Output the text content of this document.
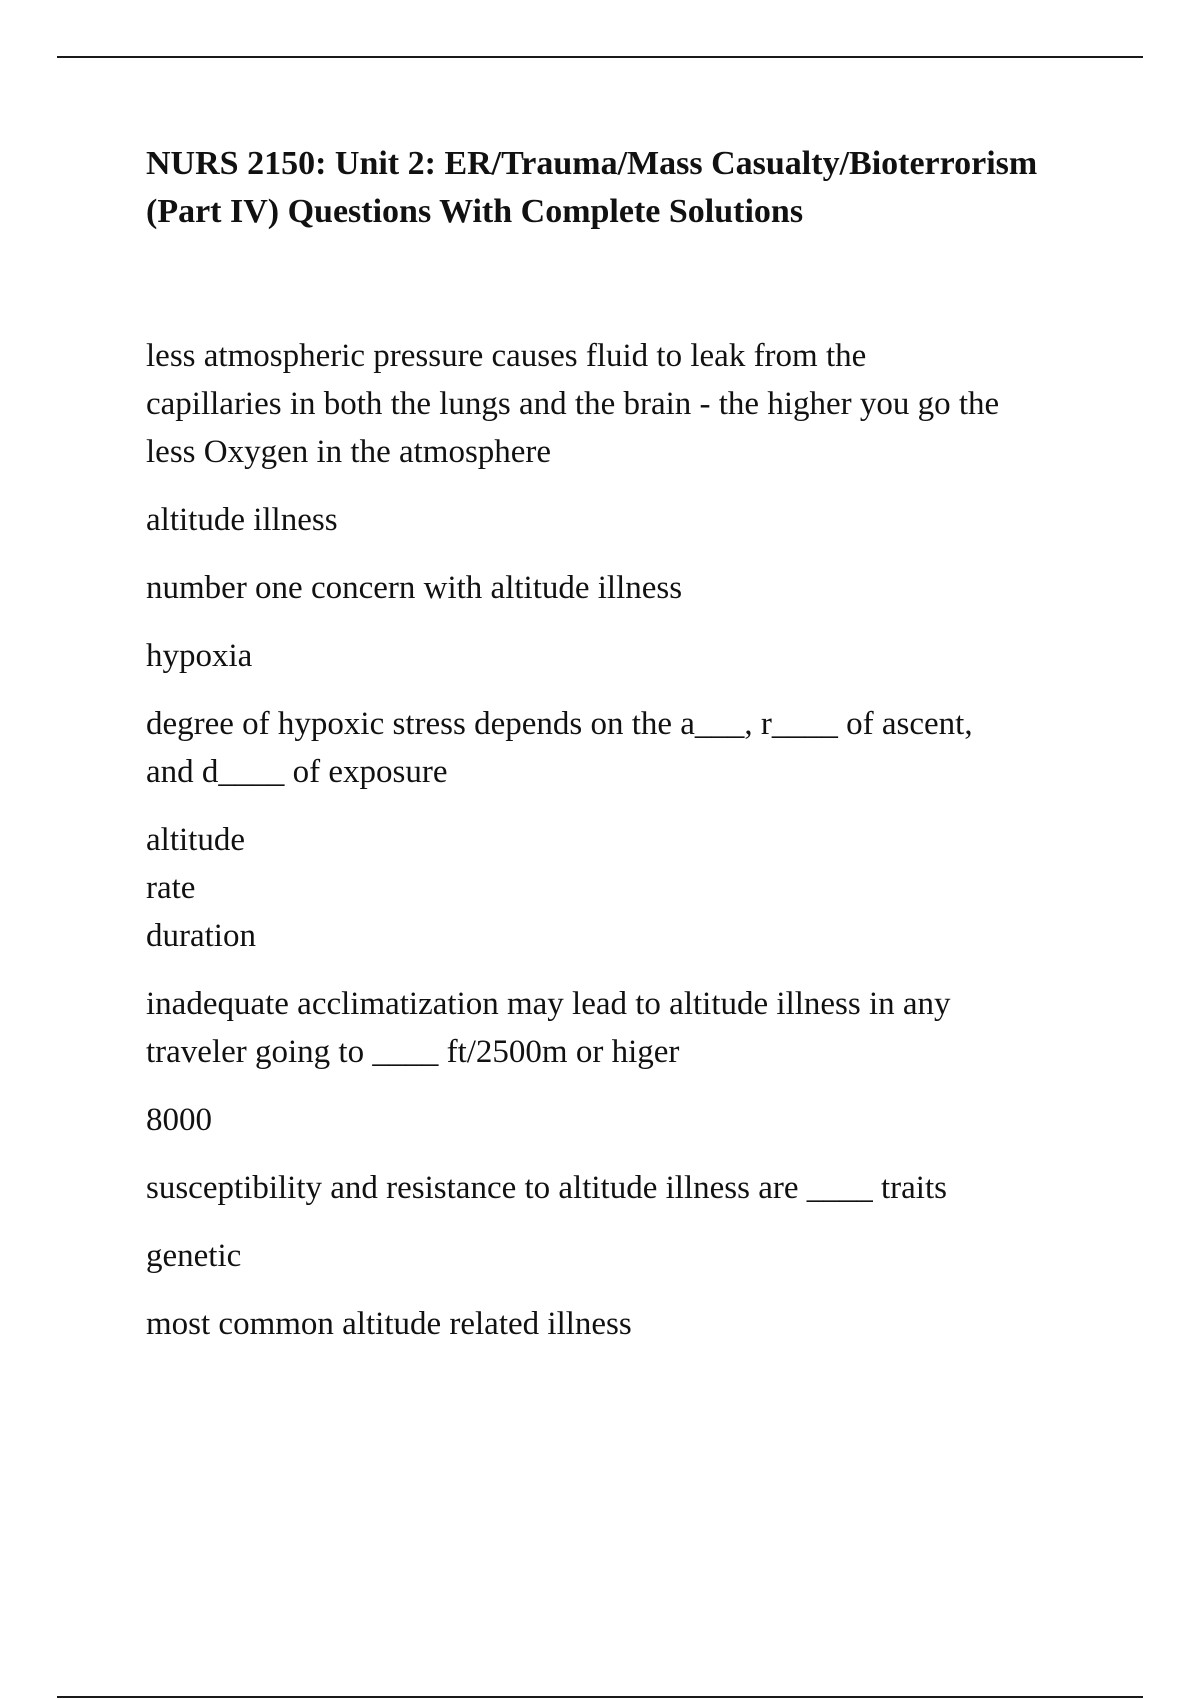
NURS 2150: Unit 2: ER/Trauma/Mass Casualty/Bioterrorism (Part IV) Questions With Complete Solutions

less atmospheric pressure causes fluid to leak from the
capillaries in both the lungs and the brain - the higher you go the
less Oxygen in the atmosphere

altitude illness

number one concern with altitude illness

hypoxia

degree of hypoxic stress depends on the a___, r____ of ascent,
and d____ of exposure

altitude
rate
duration

inadequate acclimatization may lead to altitude illness in any
traveler going to ____ ft/2500m or higer

8000

susceptibility and resistance to altitude illness are ____ traits

genetic

most common altitude related illness
